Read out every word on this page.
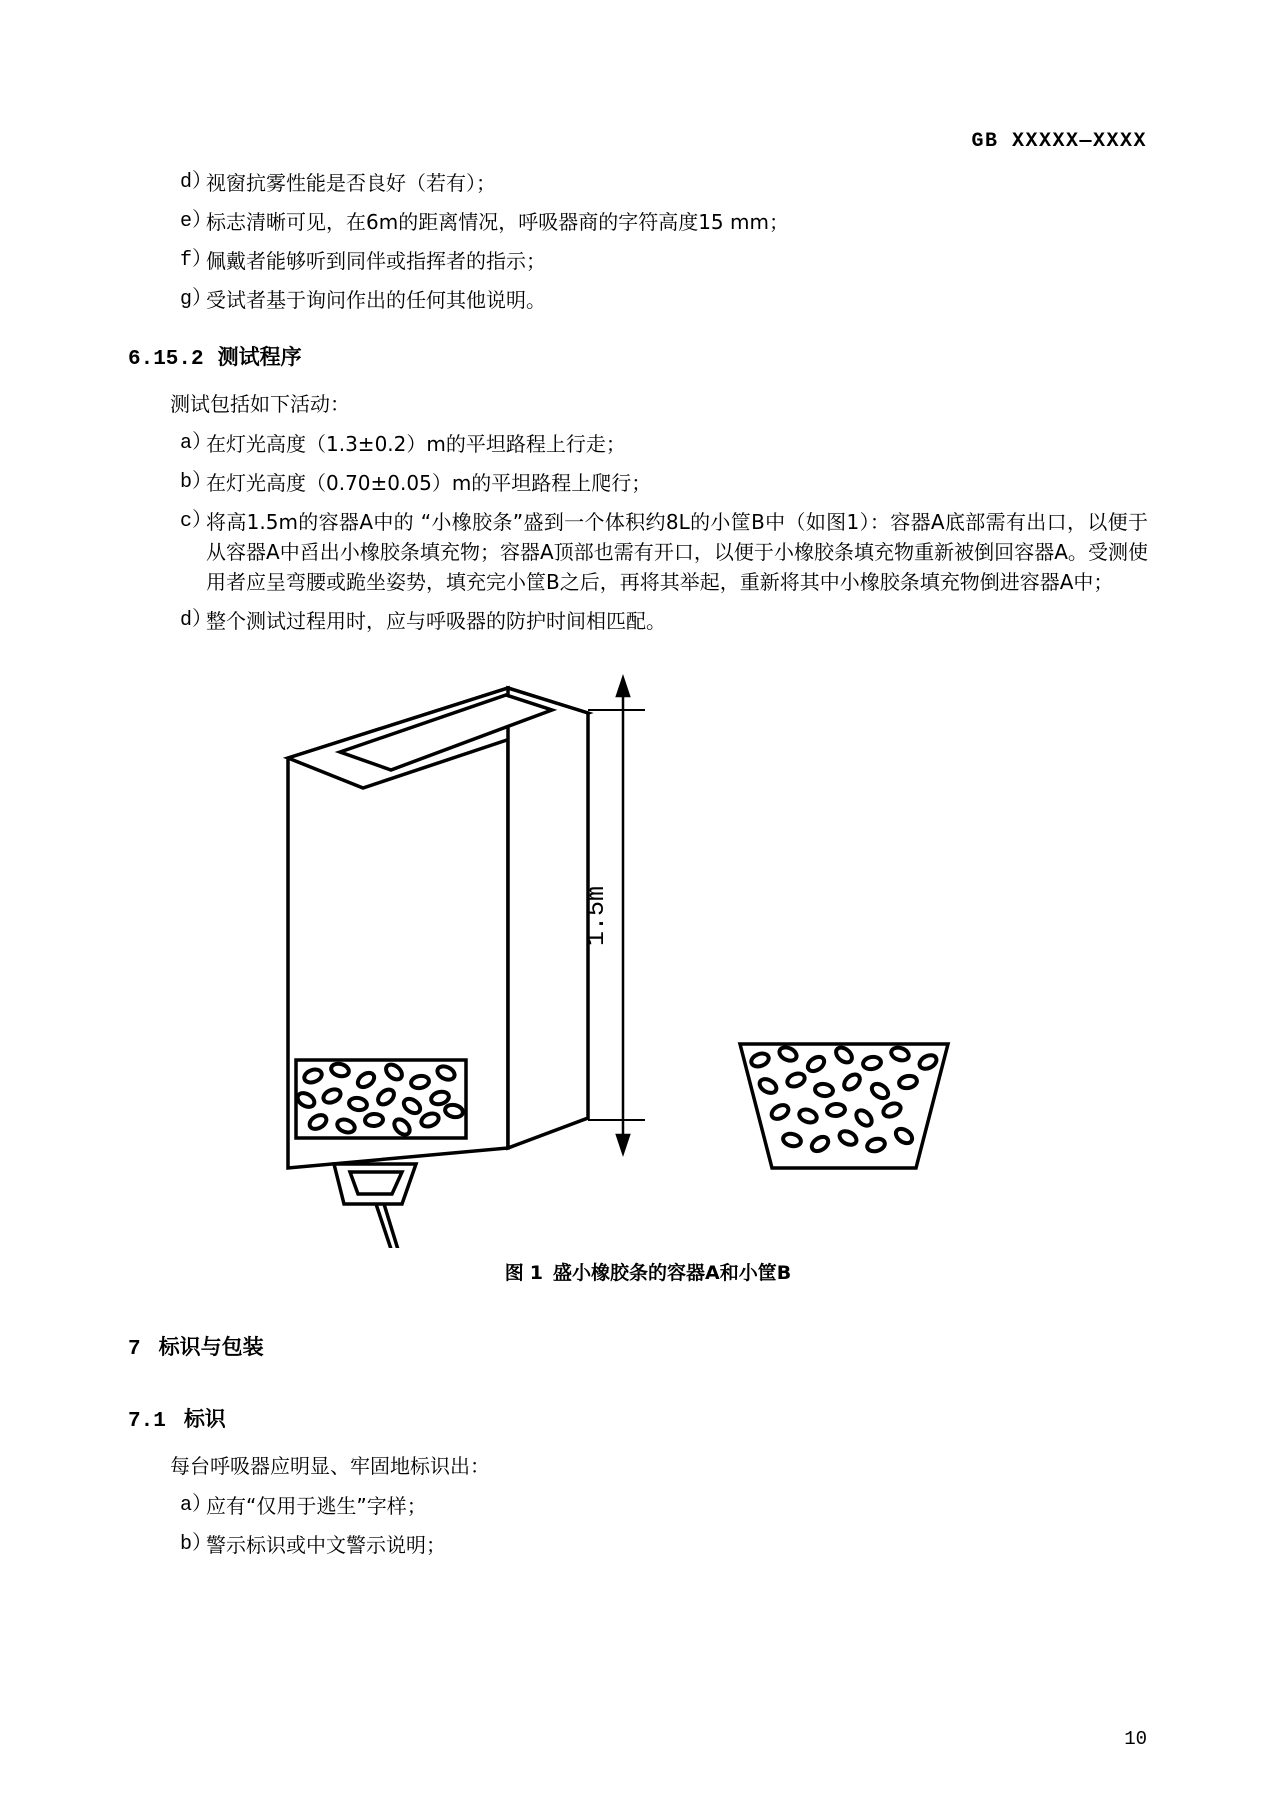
GB XXXXX—XXXX
d）
视窗抗雾性能是否良好（若有）；
e）
标志清晰可见，在6m的距离情况，呼吸器商的字符高度15 mm；
f）
佩戴者能够听到同伴或指挥者的指示；
g）
受试者基于询问作出的任何其他说明。
6.15.2 测试程序
测试包括如下活动：
a）
在灯光高度（1.3±0.2）m的平坦路程上行走；
b）
在灯光高度（0.70±0.05）m的平坦路程上爬行；
c）
将高1.5m的容器A中的 “小橡胶条”盛到一个体积约8L的小筐B中（如图1）：容器A底部需有出口，以便于从容器A中舀出小橡胶条填充物；容器A顶部也需有开口，以便于小橡胶条填充物重新被倒回容器A。受测使用者应呈弯腰或跪坐姿势，填充完小筐B之后，再将其举起，重新将其中小橡胶条填充物倒进容器A中；
d）
整个测试过程用时，应与呼吸器的防护时间相匹配。
1.5m
图 1 盛小橡胶条的容器A和小筐B
7 标识与包装
7.1 标识
每台呼吸器应明显、牢固地标识出：
a）
应有“仅用于逃生”字样；
b）
警示标识或中文警示说明；
10
